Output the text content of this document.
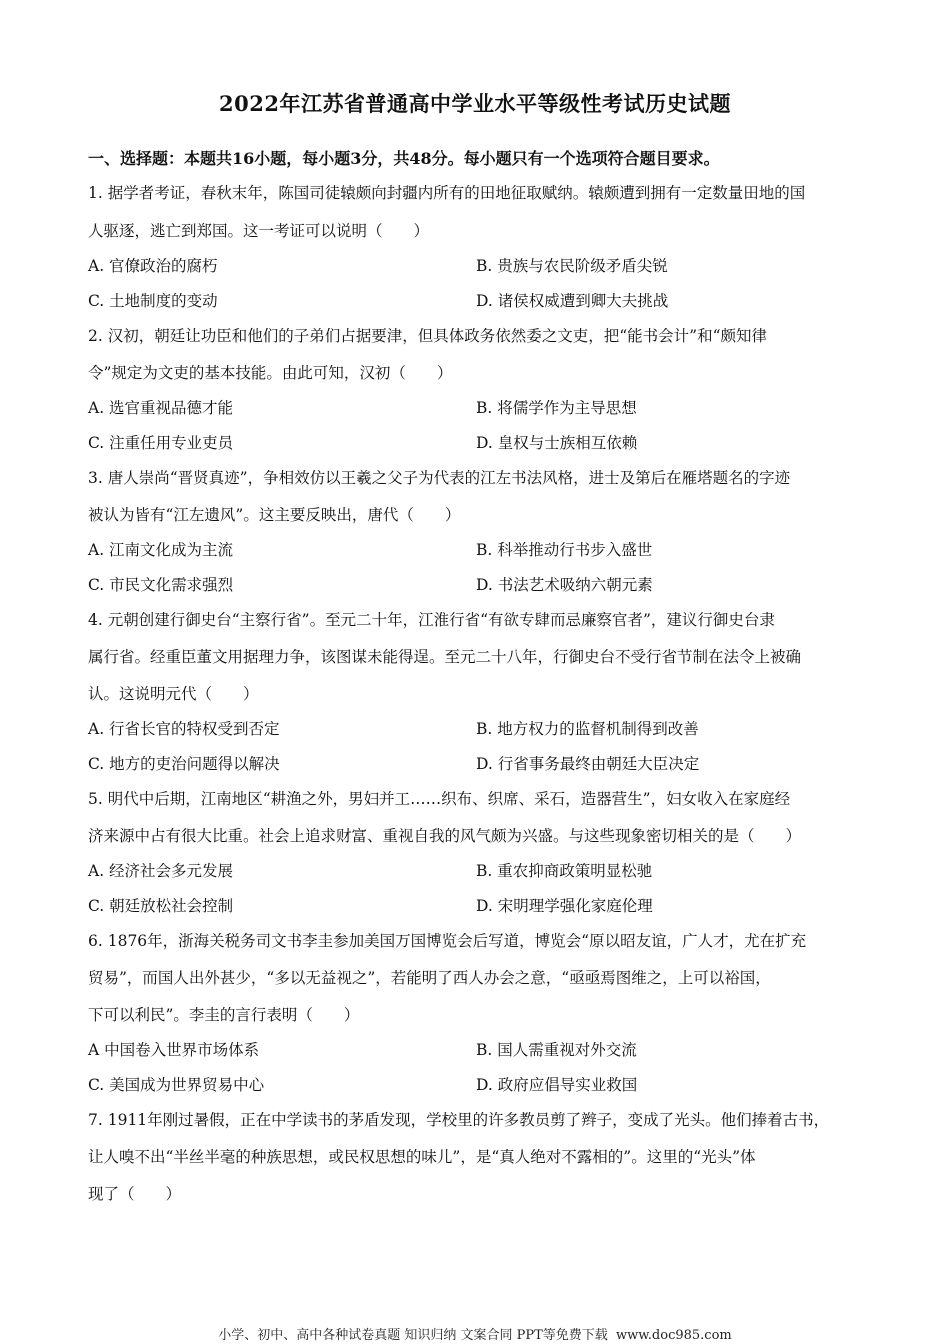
2022年江苏省普通高中学业水平等级性考试历史试题
一、选择题：本题共16小题，每小题3分，共48分。每小题只有一个选项符合题目要求。
1. 据学者考证，春秋末年，陈国司徒辕颇向封疆内所有的田地征取赋纳。辕颇遭到拥有一定数量田地的国
人驱逐，逃亡到郑国。这一考证可以说明（　　）
A. 官僚政治的腐朽	B. 贵族与农民阶级矛盾尖锐
C. 土地制度的变动	D. 诸侯权威遭到卿大夫挑战
2. 汉初，朝廷让功臣和他们的子弟们占据要津，但具体政务依然委之文吏，把“能书会计”和“颇知律
令”规定为文吏的基本技能。由此可知，汉初（　　）
A. 选官重视品德才能	B. 将儒学作为主导思想
C. 注重任用专业吏员	D. 皇权与士族相互依赖
3. 唐人崇尚“晋贤真迹”，争相效仿以王羲之父子为代表的江左书法风格，进士及第后在雁塔题名的字迹
被认为皆有“江左遗风”。这主要反映出，唐代（　　）
A. 江南文化成为主流	B. 科举推动行书步入盛世
C. 市民文化需求强烈	D. 书法艺术吸纳六朝元素
4. 元朝创建行御史台“主察行省”。至元二十年，江淮行省“有欲专肆而忌廉察官者”，建议行御史台隶
属行省。经重臣董文用据理力争，该图谋未能得逞。至元二十八年，行御史台不受行省节制在法令上被确
认。这说明元代（　　）
A. 行省长官的特权受到否定	B. 地方权力的监督机制得到改善
C. 地方的吏治问题得以解决	D. 行省事务最终由朝廷大臣决定
5. 明代中后期，江南地区“耕渔之外，男妇并工……织布、织席、采石，造器营生”，妇女收入在家庭经
济来源中占有很大比重。社会上追求财富、重视自我的风气颇为兴盛。与这些现象密切相关的是（　　）
A. 经济社会多元发展	B. 重农抑商政策明显松驰
C. 朝廷放松社会控制	D. 宋明理学强化家庭伦理
6. 1876年，浙海关税务司文书李圭参加美国万国博览会后写道，博览会“原以昭友谊，广人才，尤在扩充
贸易”，而国人出外甚少，“多以无益视之”，若能明了西人办会之意，“亟亟焉图维之，上可以裕国，
下可以利民”。李圭的言行表明（　　）
A 中国卷入世界市场体系	B. 国人需重视对外交流
C. 美国成为世界贸易中心	D. 政府应倡导实业救国
7. 1911年刚过暑假，正在中学读书的茅盾发现，学校里的许多教员剪了辫子，变成了光头。他们捧着古书，
让人嗅不出“半丝半毫的种族思想，或民权思想的味儿”，是“真人绝对不露相的”。这里的“光头”体
现了（　　）
小学、初中、高中各种试卷真题 知识归纳 文案合同 PPT等免费下载 www.doc985.com
